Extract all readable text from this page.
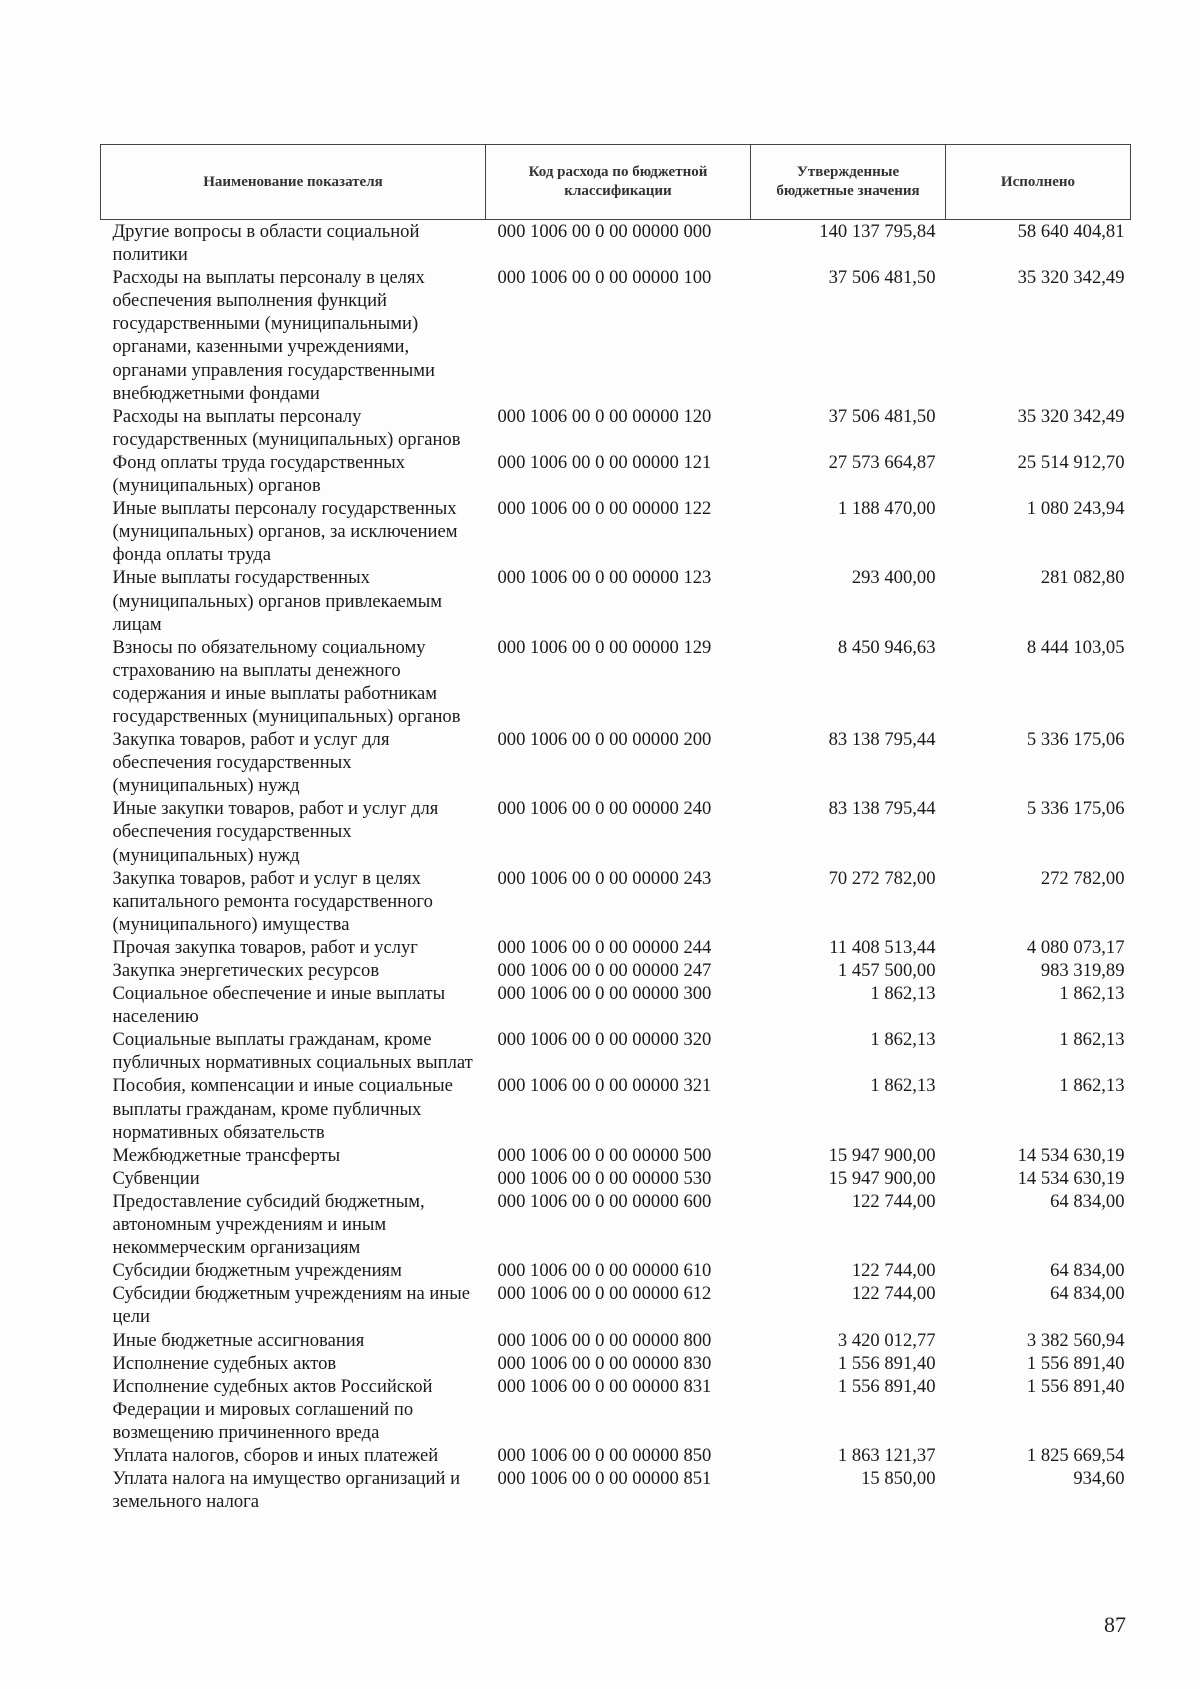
Наименование показателя	Код расхода по бюджетной классификации	Утвержденные бюджетные значения	Исполнено
Другие вопросы в области социальной политики	000 1006 00 0 00 00000 000	140 137 795,84	58 640 404,81
Расходы на выплаты персоналу в целях обеспечения выполнения функций государственными (муниципальными) органами, казенными учреждениями, органами управления государственными внебюджетными фондами	000 1006 00 0 00 00000 100	37 506 481,50	35 320 342,49
Расходы на выплаты персоналу государственных (муниципальных) органов	000 1006 00 0 00 00000 120	37 506 481,50	35 320 342,49
Фонд оплаты труда государственных (муниципальных) органов	000 1006 00 0 00 00000 121	27 573 664,87	25 514 912,70
Иные выплаты персоналу государственных (муниципальных) органов, за исключением фонда оплаты труда	000 1006 00 0 00 00000 122	1 188 470,00	1 080 243,94
Иные выплаты государственных (муниципальных) органов привлекаемым лицам	000 1006 00 0 00 00000 123	293 400,00	281 082,80
Взносы по обязательному социальному страхованию на выплаты денежного содержания и иные выплаты работникам государственных (муниципальных) органов	000 1006 00 0 00 00000 129	8 450 946,63	8 444 103,05
Закупка товаров, работ и услуг для обеспечения государственных (муниципальных) нужд	000 1006 00 0 00 00000 200	83 138 795,44	5 336 175,06
Иные закупки товаров, работ и услуг для обеспечения государственных (муниципальных) нужд	000 1006 00 0 00 00000 240	83 138 795,44	5 336 175,06
Закупка товаров, работ и услуг в целях капитального ремонта государственного (муниципального) имущества	000 1006 00 0 00 00000 243	70 272 782,00	272 782,00
Прочая закупка товаров, работ и услуг	000 1006 00 0 00 00000 244	11 408 513,44	4 080 073,17
Закупка энергетических ресурсов	000 1006 00 0 00 00000 247	1 457 500,00	983 319,89
Социальное обеспечение и иные выплаты населению	000 1006 00 0 00 00000 300	1 862,13	1 862,13
Социальные выплаты гражданам, кроме публичных нормативных социальных выплат	000 1006 00 0 00 00000 320	1 862,13	1 862,13
Пособия, компенсации и иные социальные выплаты гражданам, кроме публичных нормативных обязательств	000 1006 00 0 00 00000 321	1 862,13	1 862,13
Межбюджетные трансферты	000 1006 00 0 00 00000 500	15 947 900,00	14 534 630,19
Субвенции	000 1006 00 0 00 00000 530	15 947 900,00	14 534 630,19
Предоставление субсидий бюджетным, автономным учреждениям и иным некоммерческим организациям	000 1006 00 0 00 00000 600	122 744,00	64 834,00
Субсидии бюджетным учреждениям	000 1006 00 0 00 00000 610	122 744,00	64 834,00
Субсидии бюджетным учреждениям на иные цели	000 1006 00 0 00 00000 612	122 744,00	64 834,00
Иные бюджетные ассигнования	000 1006 00 0 00 00000 800	3 420 012,77	3 382 560,94
Исполнение судебных актов	000 1006 00 0 00 00000 830	1 556 891,40	1 556 891,40
Исполнение судебных актов Российской Федерации и мировых соглашений по возмещению причиненного вреда	000 1006 00 0 00 00000 831	1 556 891,40	1 556 891,40
Уплата налогов, сборов и иных платежей	000 1006 00 0 00 00000 850	1 863 121,37	1 825 669,54
Уплата налога на имущество организаций и земельного налога	000 1006 00 0 00 00000 851	15 850,00	934,60
87
